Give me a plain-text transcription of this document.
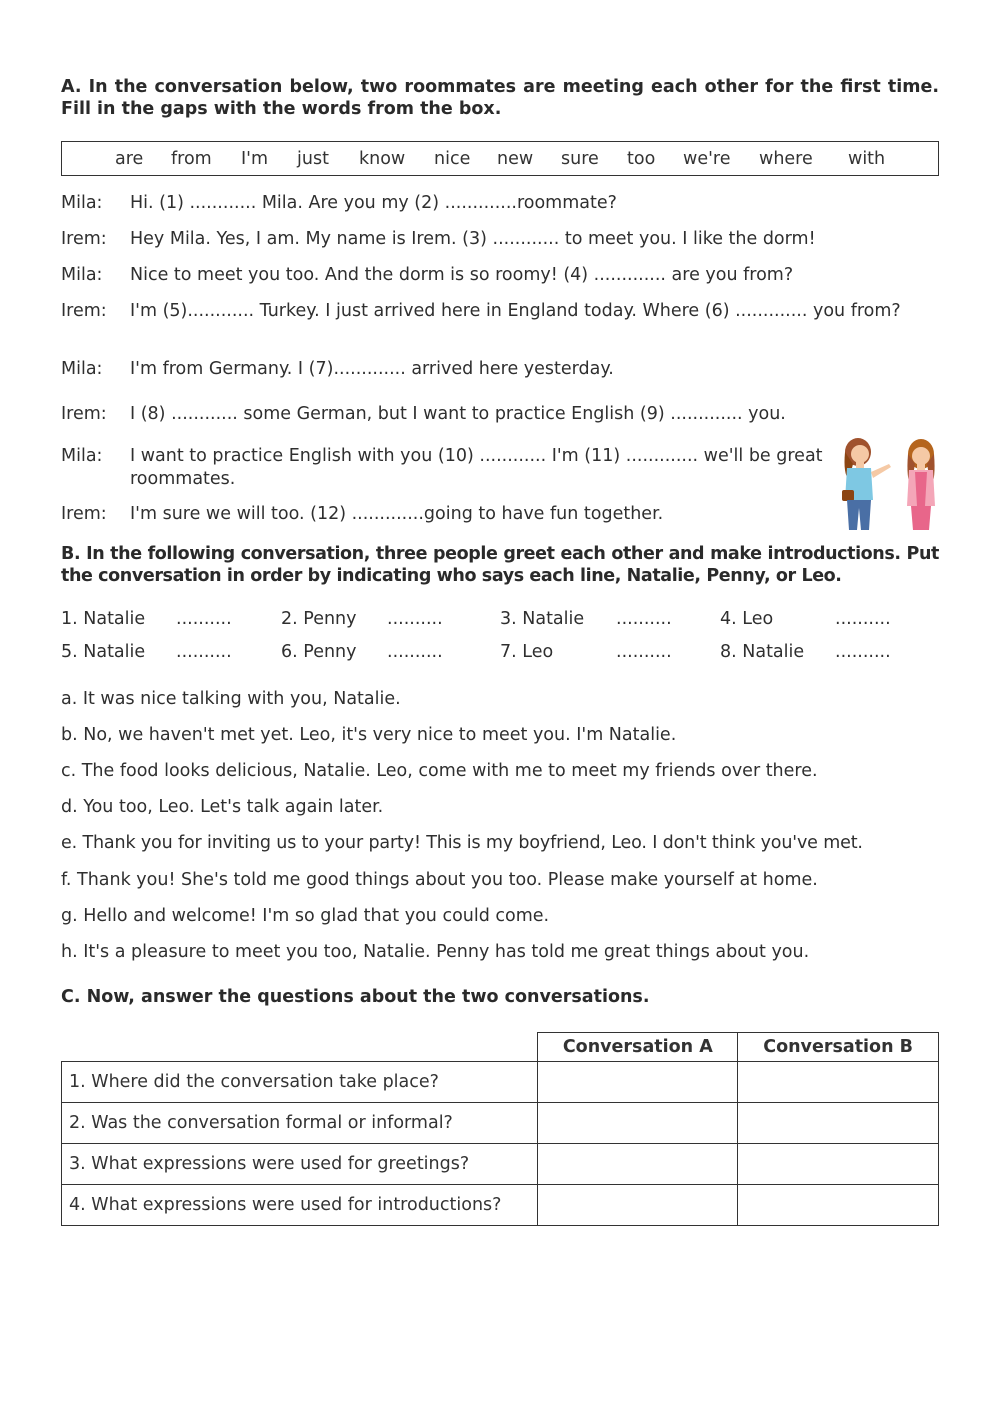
A. In the conversation below, two roommates are meeting each other for the first time. Fill in the gaps with the words from the box.
are from I'm just know nice new sure too we're where with
Mila:	Hi. (1) ............ Mila. Are you my (2) .............roommate?
Irem:	Hey Mila. Yes, I am. My name is Irem. (3) ............ to meet you. I like the dorm!
Mila:	Nice to meet you too. And the dorm is so roomy! (4) ............. are you from?
Irem:	I'm (5)............ Turkey. I just arrived here in England today. Where (6) ............. you from?
Mila:	I'm from Germany. I (7)............. arrived here yesterday.
Irem:	I (8) ............ some German, but I want to practice English (9) ............. you.
Mila:	I want to practice English with you (10) ............ I'm (11) ............. we'll be great roommates.
Irem:	I'm sure we will too. (12) .............going to have fun together.
B. In the following conversation, three people greet each other and make introductions. Put the conversation in order by indicating who says each line, Natalie, Penny, or Leo.
1. Natalie ..........	2. Penny ..........	3. Natalie ..........	4. Leo	..........
5. Natalie ..........	6. Penny ..........	7. Leo	..........	8. Natalie ..........
a. It was nice talking with you, Natalie.
b. No, we haven't met yet. Leo, it's very nice to meet you. I'm Natalie.
c. The food looks delicious, Natalie. Leo, come with me to meet my friends over there.
d. You too, Leo. Let's talk again later.
e. Thank you for inviting us to your party! This is my boyfriend, Leo. I don't think you've met.
f. Thank you! She's told me good things about you too. Please make yourself at home.
g. Hello and welcome! I'm so glad that you could come.
h. It's a pleasure to meet you too, Natalie. Penny has told me great things about you.
C. Now, answer the questions about the two conversations.
	Conversation A	Conversation B
1. Where did the conversation take place?		
2. Was the conversation formal or informal?		
3. What expressions were used for greetings?		
4. What expressions were used for introductions?		
